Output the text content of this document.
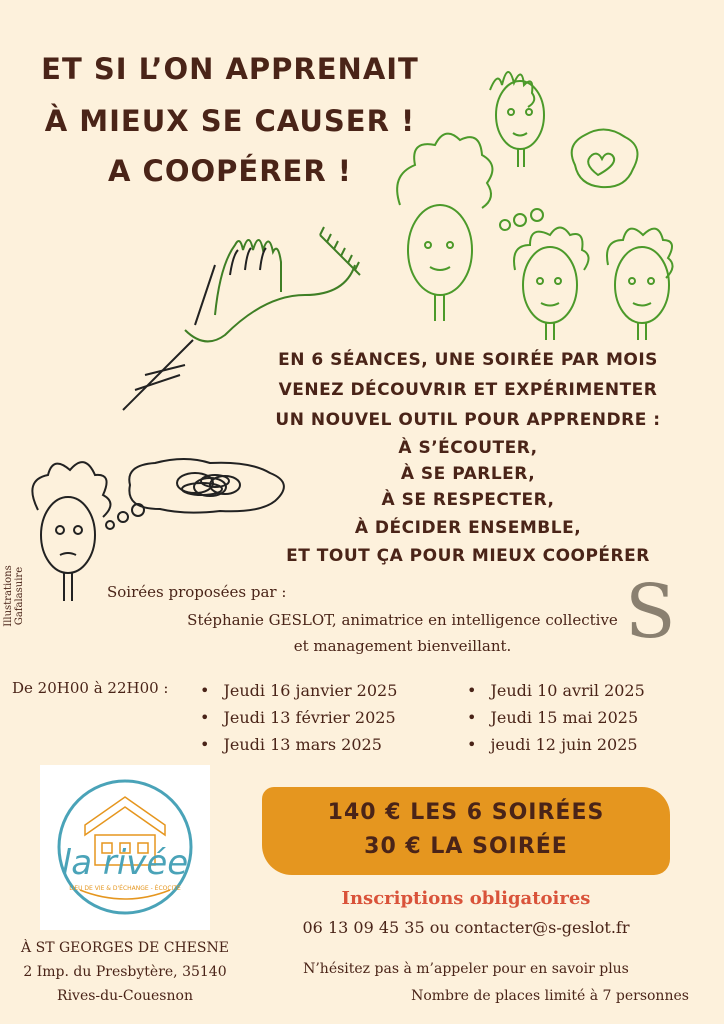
ET SI L’ON APPRENAIT
À MIEUX SE CAUSER !
A COOPÉRER !
Illustrations Gafalasuire
EN 6 SÉANCES, UNE SOIRÉE PAR MOIS
VENEZ DÉCOUVRIR ET EXPÉRIMENTER
UN NOUVEL OUTIL POUR APPRENDRE :
À S’ÉCOUTER,
À SE PARLER,
À SE RESPECTER,
À DÉCIDER ENSEMBLE,
ET TOUT ÇA POUR MIEUX COOPÉRER
Soirées proposées par :
Stéphanie GESLOT, animatrice en intelligence collective
et management bienveillant.	S
De 20H00 à 22H00 :
•	Jeudi 16 janvier 2025
• Jeudi 13 février 2025
• Jeudi 13 mars 2025
• Jeudi 10 avril 2025
• Jeudi 15 mai 2025
• jeudi 12 juin 2025
la rivée
LIEU DE VIE & D'ÉCHANGE - ÉCOCITE
140 € LES 6 SOIRÉES
30 € LA SOIRÉE
Inscriptions obligatoires
06 13 09 45 35 ou contacter@s-geslot.fr
N’hésitez pas à m’appeler pour en savoir plus
Nombre de places limité à 7 personnes
À ST GEORGES DE CHESNE
2 Imp. du Presbytère, 35140
Rives-du-Couesnon
